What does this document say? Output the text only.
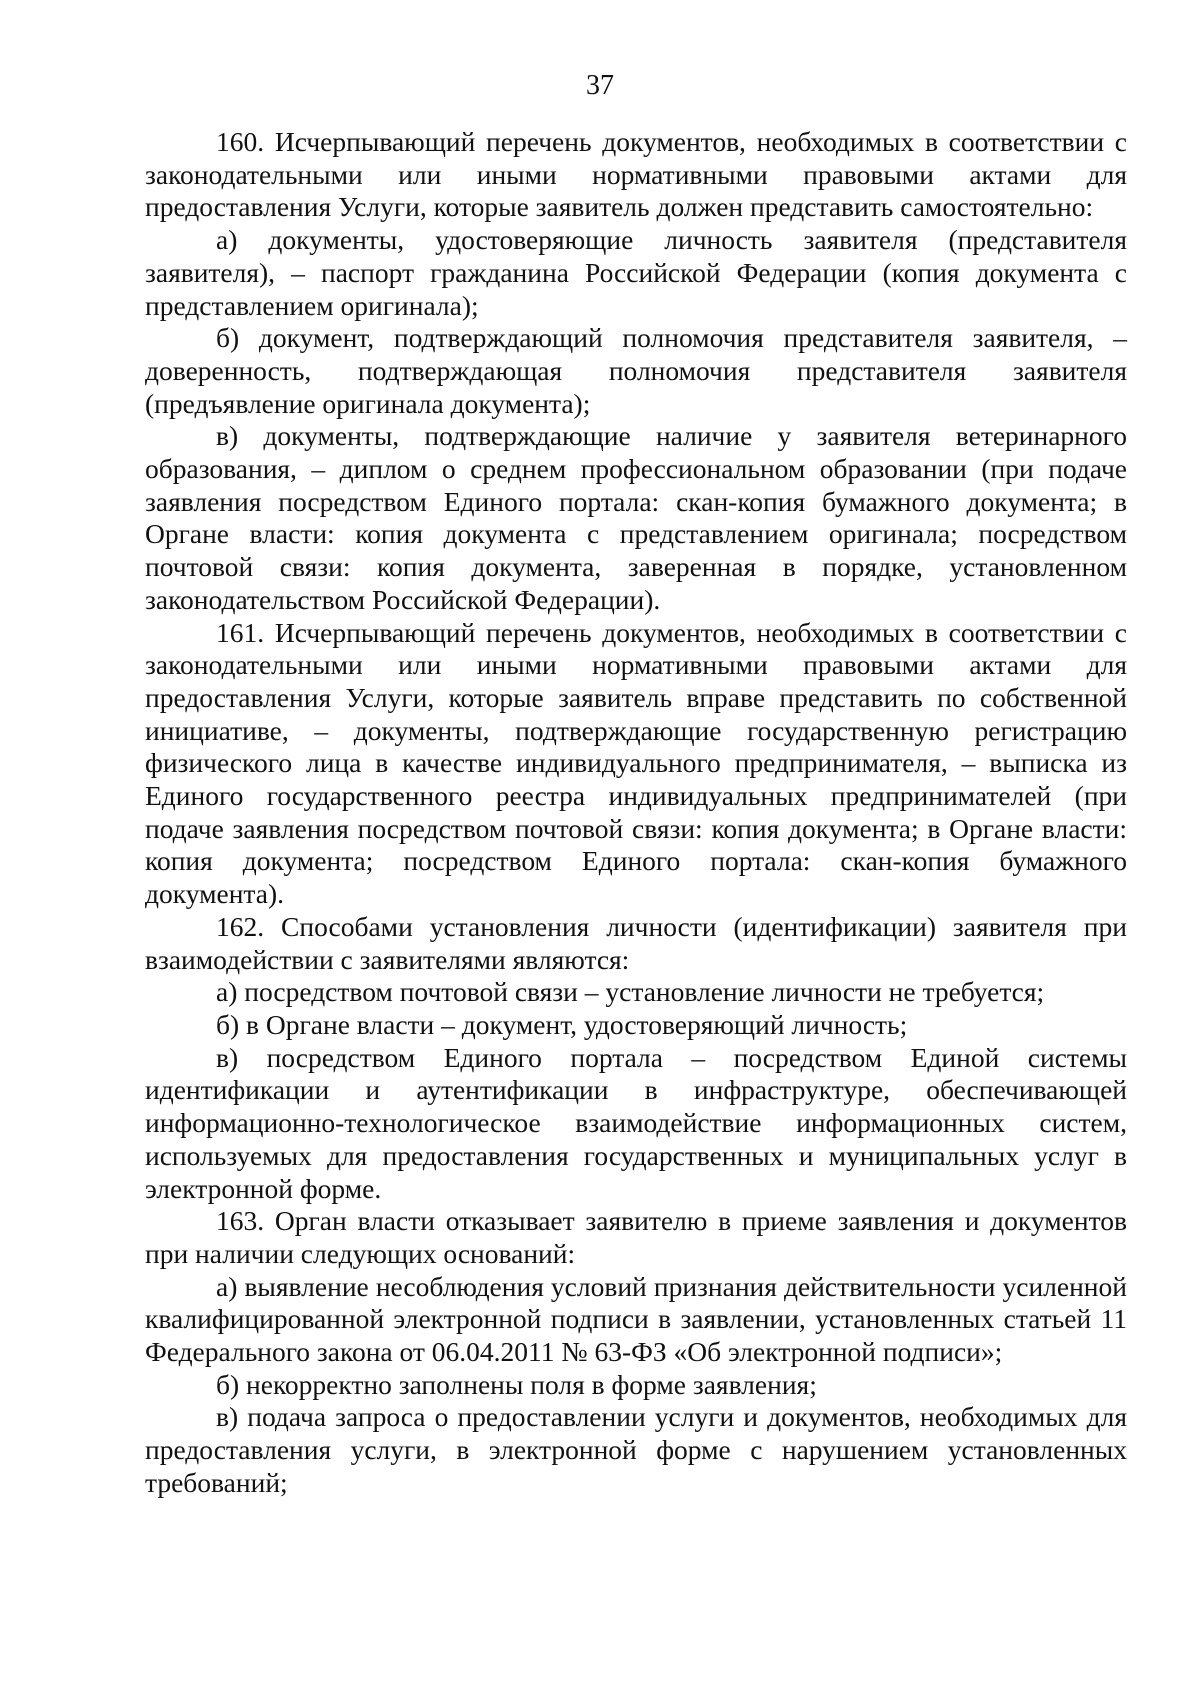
37

160. Исчерпывающий перечень документов, необходимых в соответствии с законодательными или иными нормативными правовыми актами для предоставления Услуги, которые заявитель должен представить самостоятельно:

а) документы, удостоверяющие личность заявителя (представителя заявителя), – паспорт гражданина Российской Федерации (копия документа с представлением оригинала);

б) документ, подтверждающий полномочия представителя заявителя, – доверенность, подтверждающая полномочия представителя заявителя (предъявление оригинала документа);

в) документы, подтверждающие наличие у заявителя ветеринарного образования, – диплом о среднем профессиональном образовании (при подаче заявления посредством Единого портала: скан-копия бумажного документа; в Органе власти: копия документа с представлением оригинала; посредством почтовой связи: копия документа, заверенная в порядке, установленном законодательством Российской Федерации).

161. Исчерпывающий перечень документов, необходимых в соответствии с законодательными или иными нормативными правовыми актами для предоставления Услуги, которые заявитель вправе представить по собственной инициативе, – документы, подтверждающие государственную регистрацию физического лица в качестве индивидуального предпринимателя, – выписка из Единого государственного реестра индивидуальных предпринимателей (при подаче заявления посредством почтовой связи: копия документа; в Органе власти: копия документа; посредством Единого портала: скан-копия бумажного документа).

162. Способами установления личности (идентификации) заявителя при взаимодействии с заявителями являются:

а) посредством почтовой связи – установление личности не требуется;

б) в Органе власти – документ, удостоверяющий личность;

в) посредством Единого портала – посредством Единой системы идентификации и аутентификации в инфраструктуре, обеспечивающей информационно-технологическое взаимодействие информационных систем, используемых для предоставления государственных и муниципальных услуг в электронной форме.

163. Орган власти отказывает заявителю в приеме заявления и документов при наличии следующих оснований:

а) выявление несоблюдения условий признания действительности усиленной квалифицированной электронной подписи в заявлении, установленных статьей 11 Федерального закона от 06.04.2011 № 63-ФЗ «Об электронной подписи»;

б) некорректно заполнены поля в форме заявления;

в) подача запроса о предоставлении услуги и документов, необходимых для предоставления услуги, в электронной форме с нарушением установленных требований;
